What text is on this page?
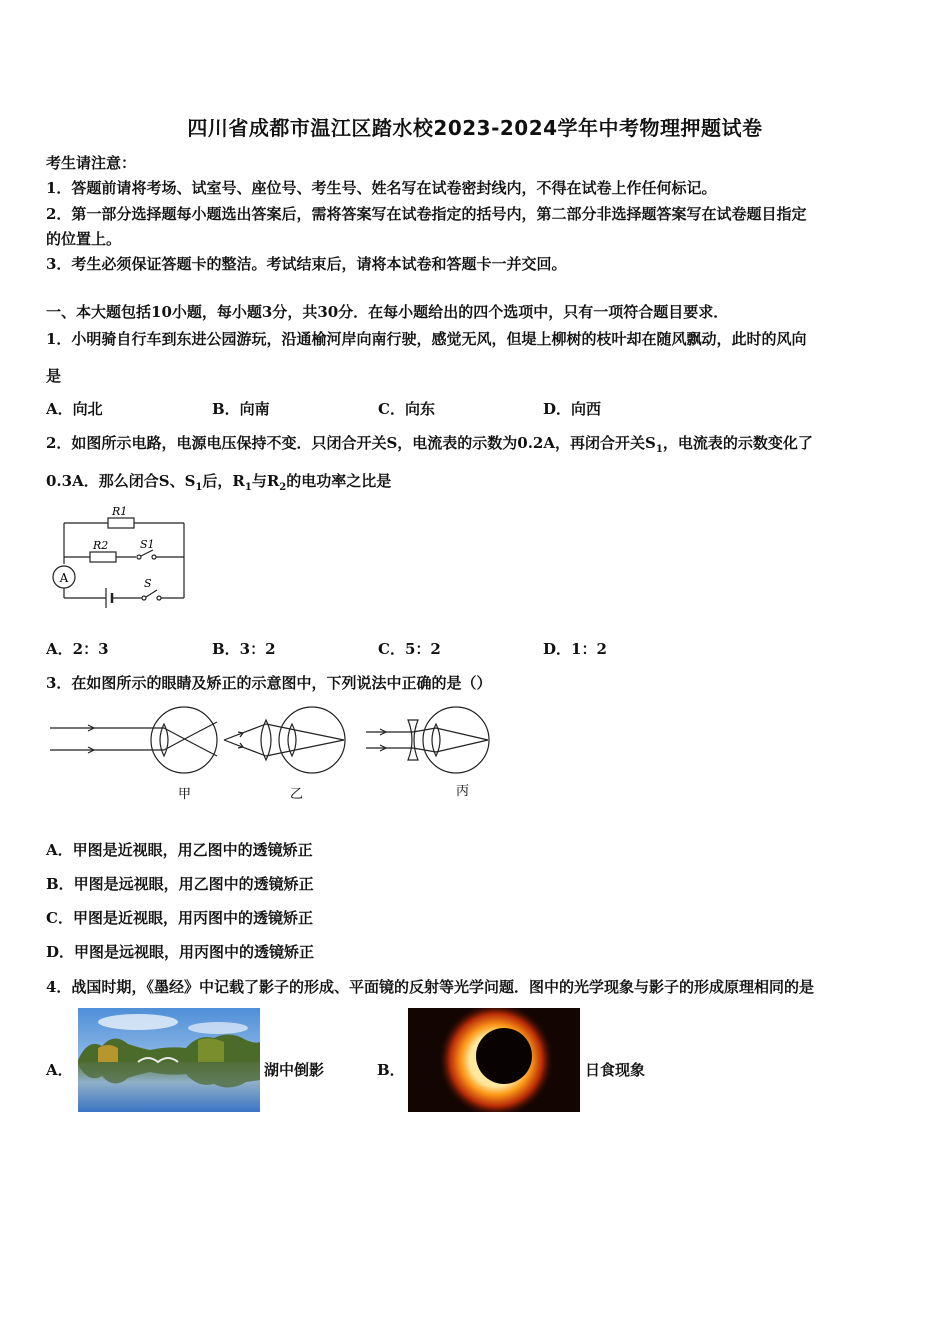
四川省成都市温江区踏水校2023-2024学年中考物理押题试卷
考生请注意：
1．答题前请将考场、试室号、座位号、考生号、姓名写在试卷密封线内，不得在试卷上作任何标记。
2．第一部分选择题每小题选出答案后，需将答案写在试卷指定的括号内，第二部分非选择题答案写在试卷题目指定
的位置上。
3．考生必须保证答题卡的整洁。考试结束后，请将本试卷和答题卡一并交回。
一、本大题包括10小题，每小题3分，共30分．在每小题给出的四个选项中，只有一项符合题目要求．
1．小明骑自行车到东进公园游玩，沿通榆河岸向南行驶，感觉无风，但堤上柳树的枝叶却在随风飘动，此时的风向
是
A．向北	B．向南	C．向东	D．向西
2．如图所示电路，电源电压保持不变．只闭合开关S，电流表的示数为0.2A，再闭合开关$S_1$，电流表的示数变化了
0.3A．那么闭合S、$S_1$后，$R_1$与$R_2$的电功率之比是
A
R1
R2	S1
S
A．2：3	B．3：2	C．5：2	D．1：2
3．在如图所示的眼睛及矫正的示意图中，下列说法中正确的是（）
甲	乙	丙
A．甲图是近视眼，用乙图中的透镜矫正
B．甲图是远视眼，用乙图中的透镜矫正
C．甲图是近视眼，用丙图中的透镜矫正
D．甲图是远视眼，用丙图中的透镜矫正
4．战国时期，《墨经》中记载了影子的形成、平面镜的反射等光学问题．图中的光学现象与影子的形成原理相同的是
A．	湖中倒影	B．	日食现象
